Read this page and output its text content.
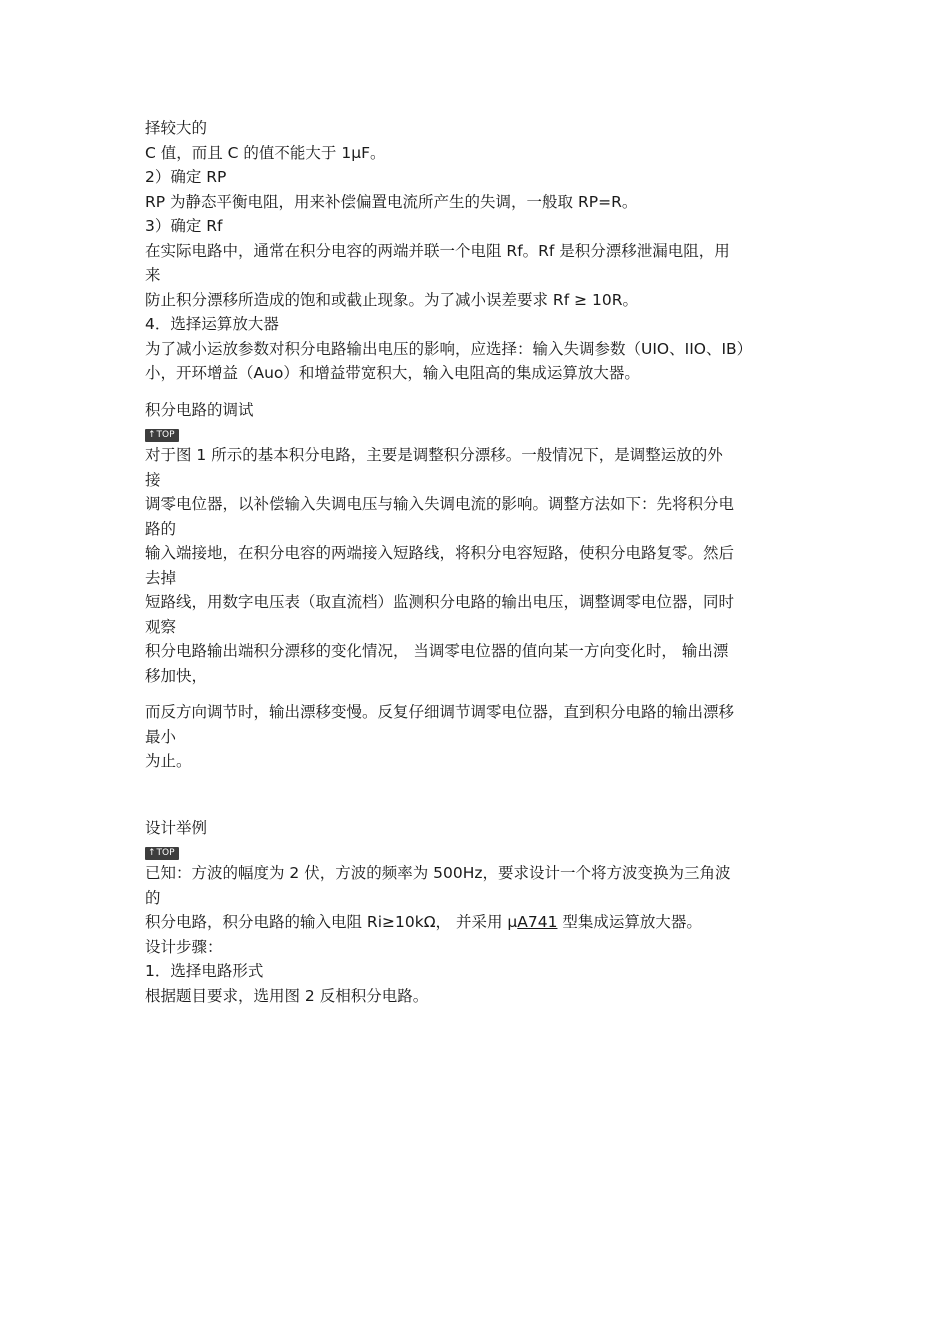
择较大的
C 值，而且 C 的值不能大于 1μF。
2）确定 RP
RP 为静态平衡电阻，用来补偿偏置电流所产生的失调，一般取 RP=R。
3）确定 Rf
在实际电路中，通常在积分电容的两端并联一个电阻 Rf。Rf 是积分漂移泄漏电阻，用
来
防止积分漂移所造成的饱和或截止现象。为了减小误差要求 Rf ≥ 10R。
4．选择运算放大器
为了减小运放参数对积分电路输出电压的影响，应选择：输入失调参数（UIO、IIO、IB）
小，开环增益（Auo）和增益带宽积大，输入电阻高的集成运算放大器。
积分电路的调试
↑TOP
对于图 1 所示的基本积分电路，主要是调整积分漂移。一般情况下，是调整运放的外
接
调零电位器，以补偿输入失调电压与输入失调电流的影响。调整方法如下：先将积分电
路的
输入端接地，在积分电容的两端接入短路线，将积分电容短路，使积分电路复零。然后
去掉
短路线，用数字电压表（取直流档）监测积分电路的输出电压，调整调零电位器，同时
观察
积分电路输出端积分漂移的变化情况， 当调零电位器的值向某一方向变化时， 输出漂
移加快，
而反方向调节时，输出漂移变慢。反复仔细调节调零电位器，直到积分电路的输出漂移
最小
为止。
设计举例
↑TOP
已知：方波的幅度为 2 伏，方波的频率为 500Hz，要求设计一个将方波变换为三角波
的
积分电路，积分电路的输入电阻 Ri≥10kΩ， 并采用 μA741 型集成运算放大器。
设计步骤：
1．选择电路形式
根据题目要求，选用图 2 反相积分电路。
